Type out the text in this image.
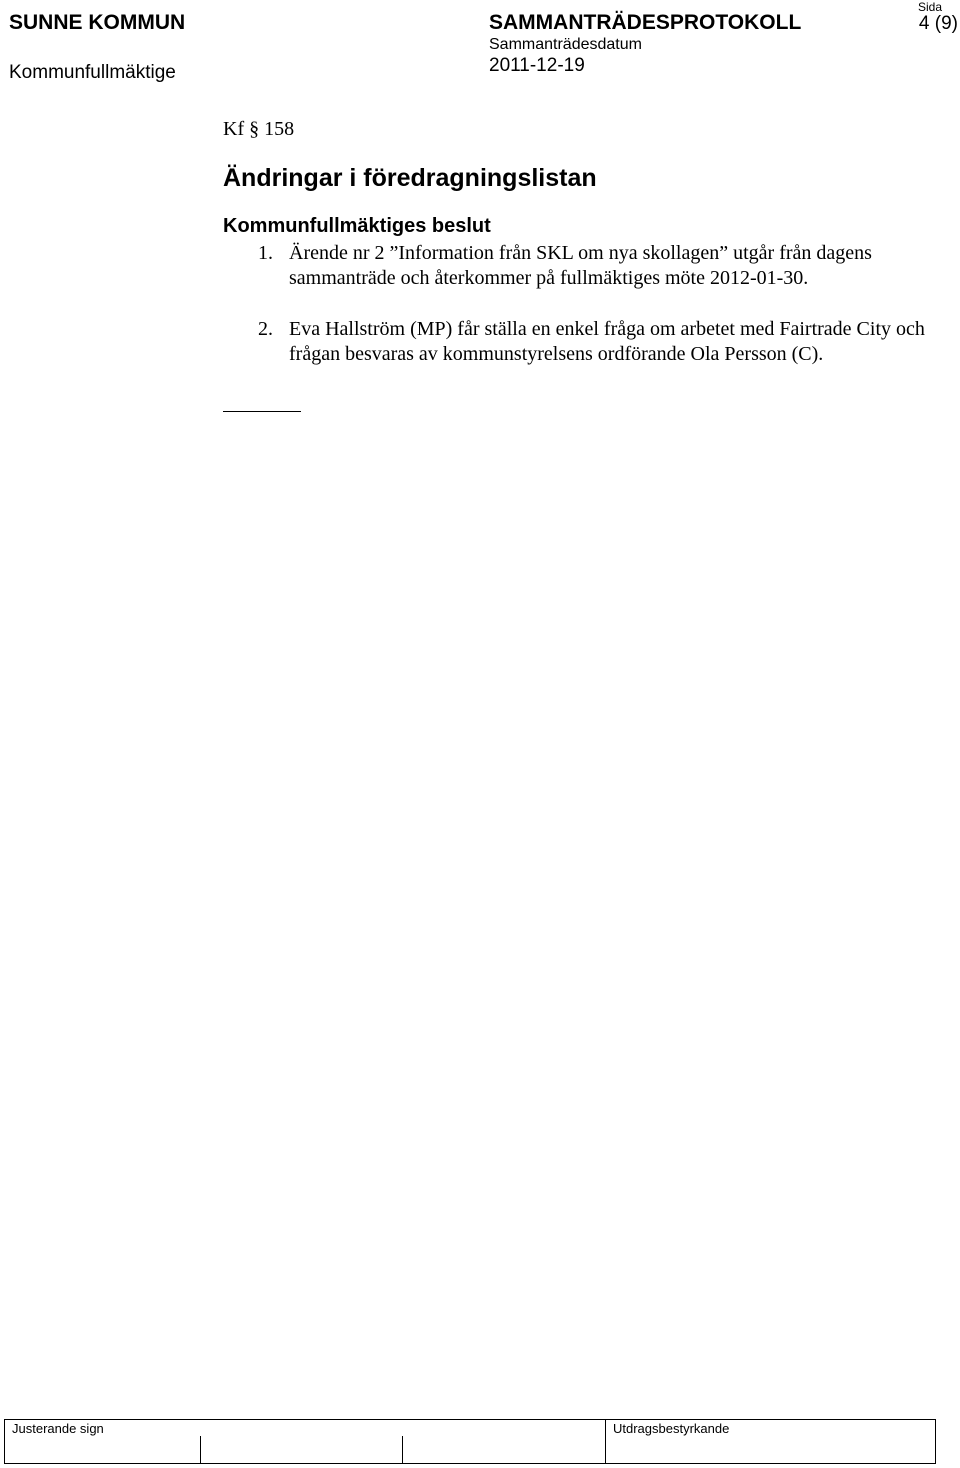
SUNNE KOMMUN
Kommunfullmäktige
SAMMANTRÄDESPROTOKOLL
Sammanträdesdatum
2011-12-19
Sida
4 (9)
Kf § 158
Ändringar i föredragningslistan
Kommunfullmäktiges beslut
1. Ärende nr 2 ”Information från SKL om nya skollagen” utgår från dagens sammanträde och återkommer på fullmäktiges möte 2012-01-30.
2. Eva Hallström (MP) får ställa en enkel fråga om arbetet med Fairtrade City och frågan besvaras av kommunstyrelsens ordförande Ola Persson (C).
Justerande sign	Utdragsbestyrkande
